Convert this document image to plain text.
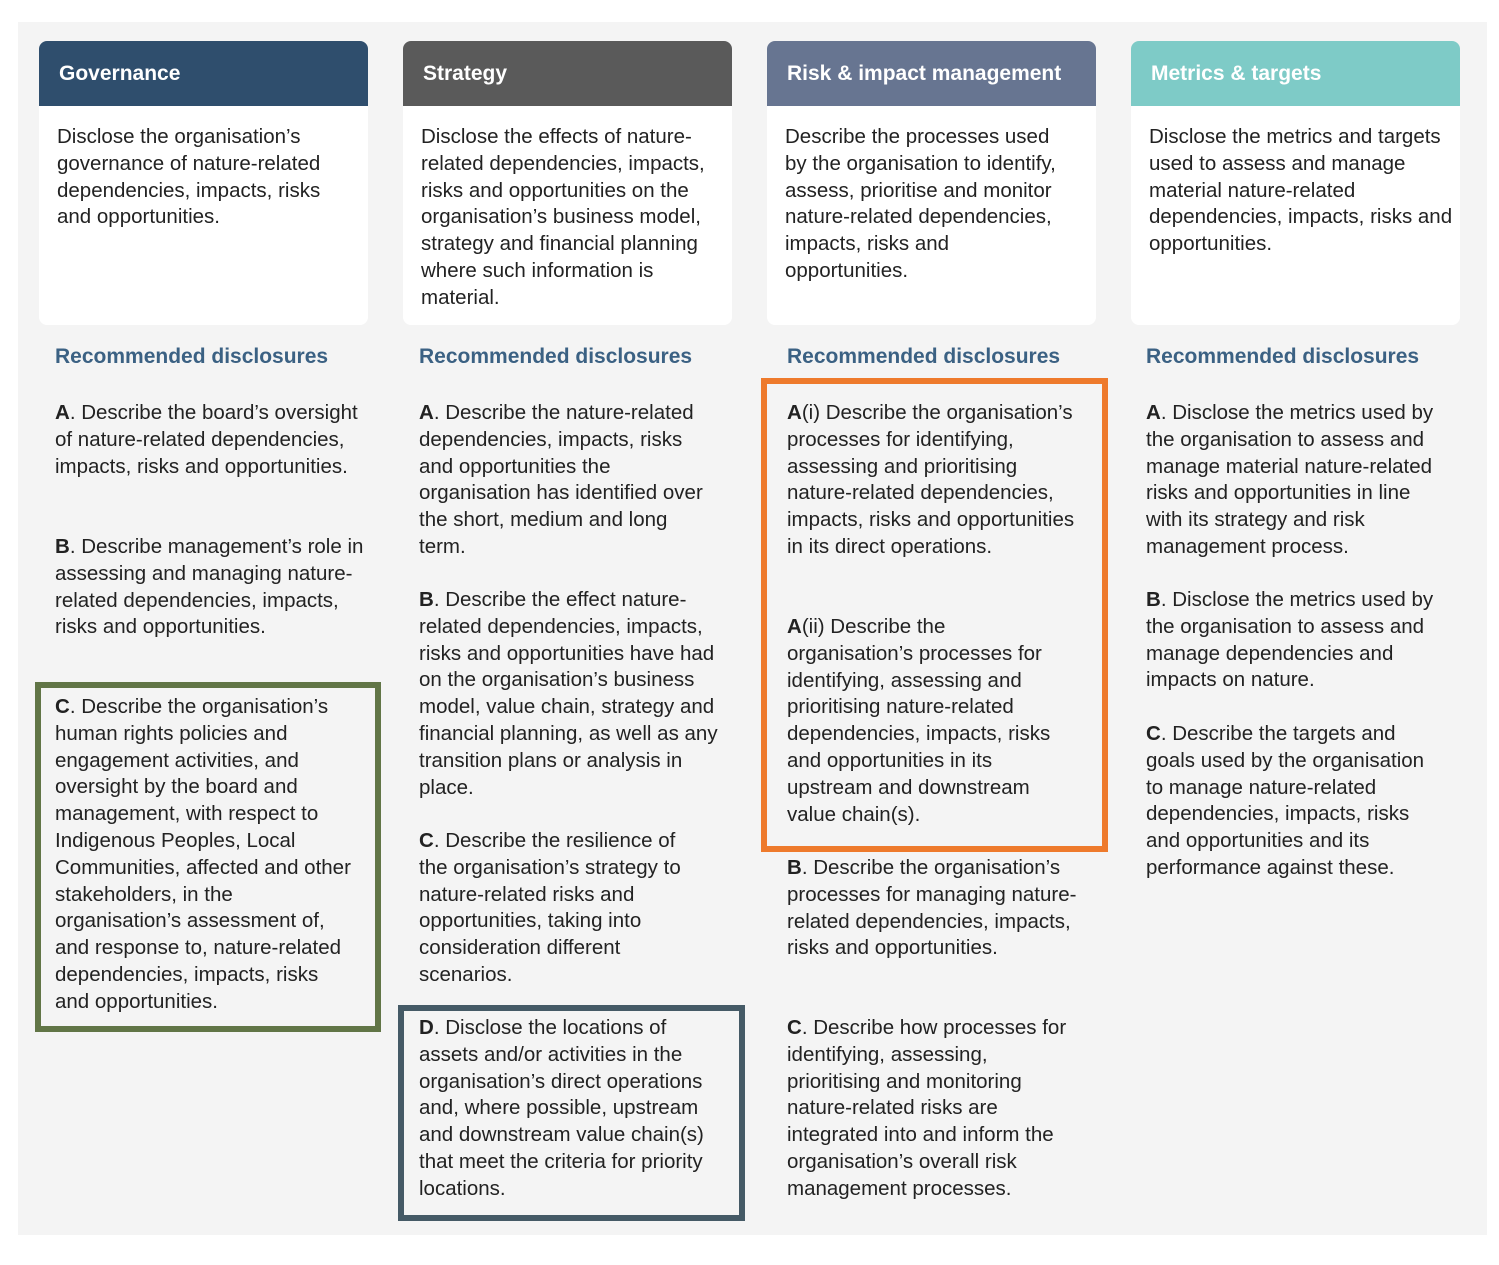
Governance
Disclose the organisation’s governance of nature-related dependencies, impacts, risks and opportunities.
Recommended disclosures
A. Describe the board’s oversight of nature-related dependencies, impacts, risks and opportunities.
B. Describe management’s role in assessing and managing nature-related dependencies, impacts, risks and opportunities.
C. Describe the organisation’s human rights policies and engagement activities, and oversight by the board and management, with respect to Indigenous Peoples, Local Communities, affected and other stakeholders, in the organisation’s assessment of, and response to, nature-related dependencies, impacts, risks and opportunities.
Strategy
Disclose the effects of nature-related dependencies, impacts, risks and opportunities on the organisation’s business model, strategy and financial planning where such information is material.
Recommended disclosures
A. Describe the nature-related dependencies, impacts, risks and opportunities the organisation has identified over the short, medium and long term.
B. Describe the effect nature-related dependencies, impacts, risks and opportunities have had on the organisation’s business model, value chain, strategy and financial planning, as well as any transition plans or analysis in place.
C. Describe the resilience of the organisation’s strategy to nature-related risks and opportunities, taking into consideration different scenarios.
D. Disclose the locations of assets and/or activities in the organisation’s direct operations and, where possible, upstream and downstream value chain(s) that meet the criteria for priority locations.
Risk & impact management
Describe the processes used by the organisation to identify, assess, prioritise and monitor nature-related dependencies, impacts, risks and opportunities.
Recommended disclosures
A(i) Describe the organisation’s processes for identifying, assessing and prioritising nature-related dependencies, impacts, risks and opportunities in its direct operations.
A(ii) Describe the organisation’s processes for identifying, assessing and prioritising nature-related dependencies, impacts, risks and opportunities in its upstream and downstream value chain(s).
B. Describe the organisation’s processes for managing nature-related dependencies, impacts, risks and opportunities.
C. Describe how processes for identifying, assessing, prioritising and monitoring nature-related risks are integrated into and inform the organisation’s overall risk management processes.
Metrics & targets
Disclose the metrics and targets used to assess and manage material nature-related dependencies, impacts, risks and opportunities.
Recommended disclosures
A. Disclose the metrics used by the organisation to assess and manage material nature-related risks and opportunities in line with its strategy and risk management process.
B. Disclose the metrics used by the organisation to assess and manage dependencies and impacts on nature.
C. Describe the targets and goals used by the organisation to manage nature-related dependencies, impacts, risks and opportunities and its performance against these.
